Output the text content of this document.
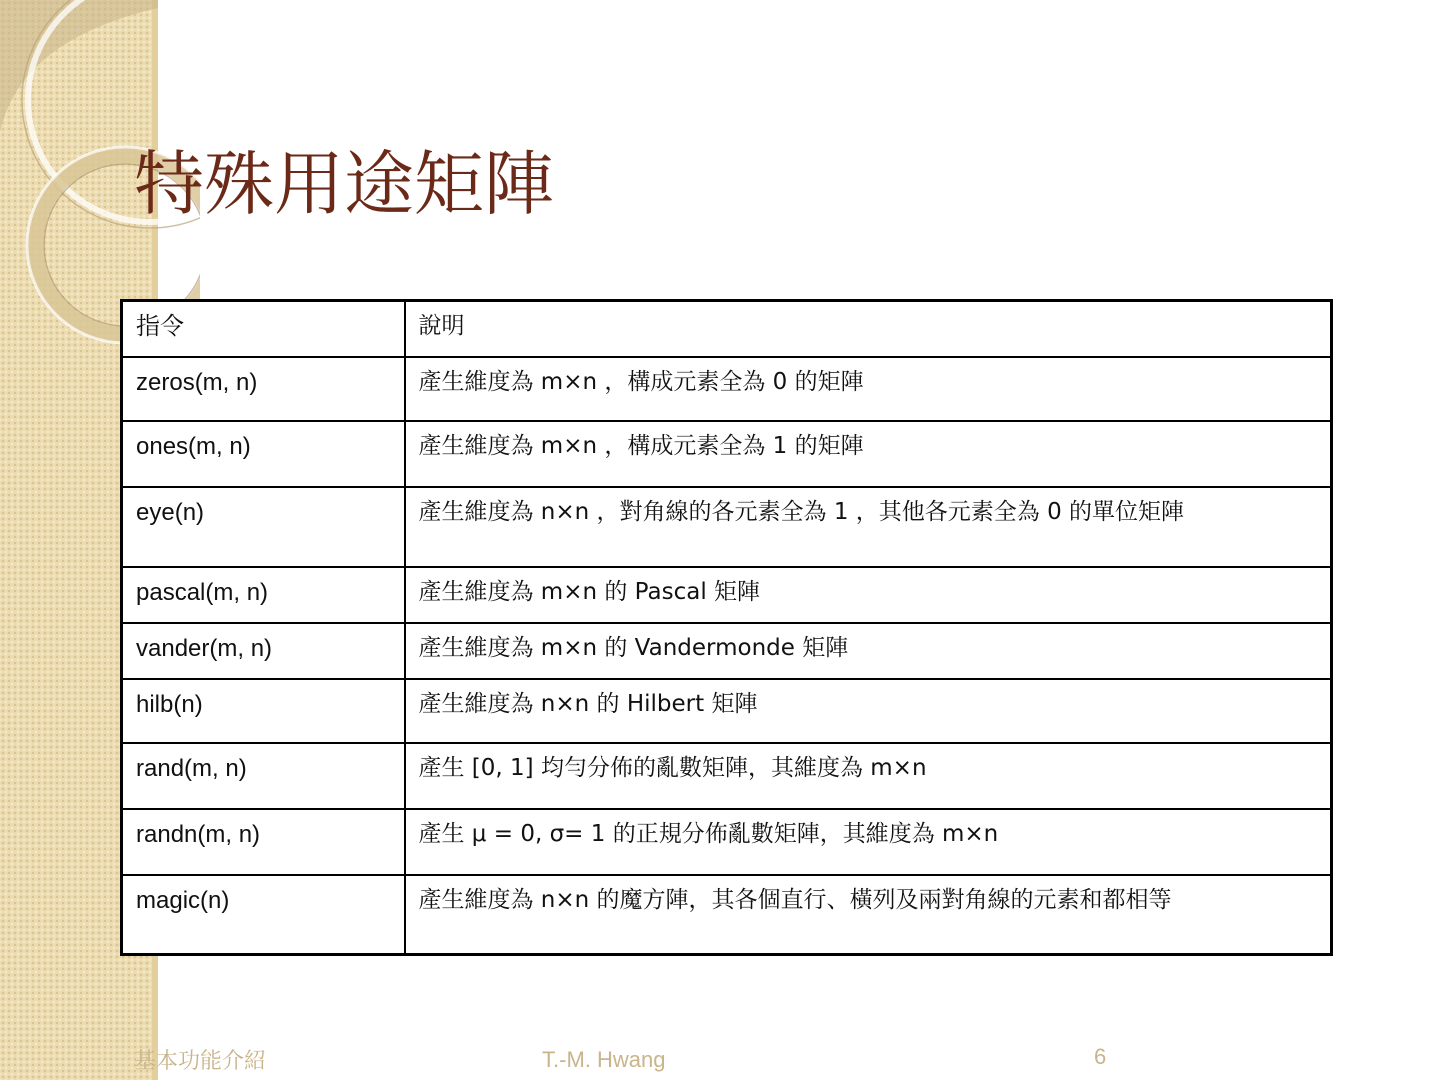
特殊用途矩陣
指令	說明
zeros(m, n)	產生維度為 m×n ，構成元素全為 0 的矩陣
ones(m, n)	產生維度為 m×n ，構成元素全為 1 的矩陣
eye(n)	產生維度為 n×n ，對角線的各元素全為 1 ，其他各元素全為 0 的單位矩陣
pascal(m, n)	產生維度為 m×n 的 Pascal 矩陣
vander(m, n)	產生維度為 m×n 的 Vandermonde 矩陣
hilb(n)	產生維度為 n×n 的 Hilbert 矩陣
rand(m, n)	產生 [0, 1] 均勻分佈的亂數矩陣，其維度為 m×n
randn(m, n)	產生 μ = 0, σ= 1 的正規分佈亂數矩陣，其維度為 m×n
magic(n)	產生維度為 n×n 的魔方陣，其各個直行、橫列及兩對角線的元素和都相等
基本功能介紹	T.-M. Hwang	6
